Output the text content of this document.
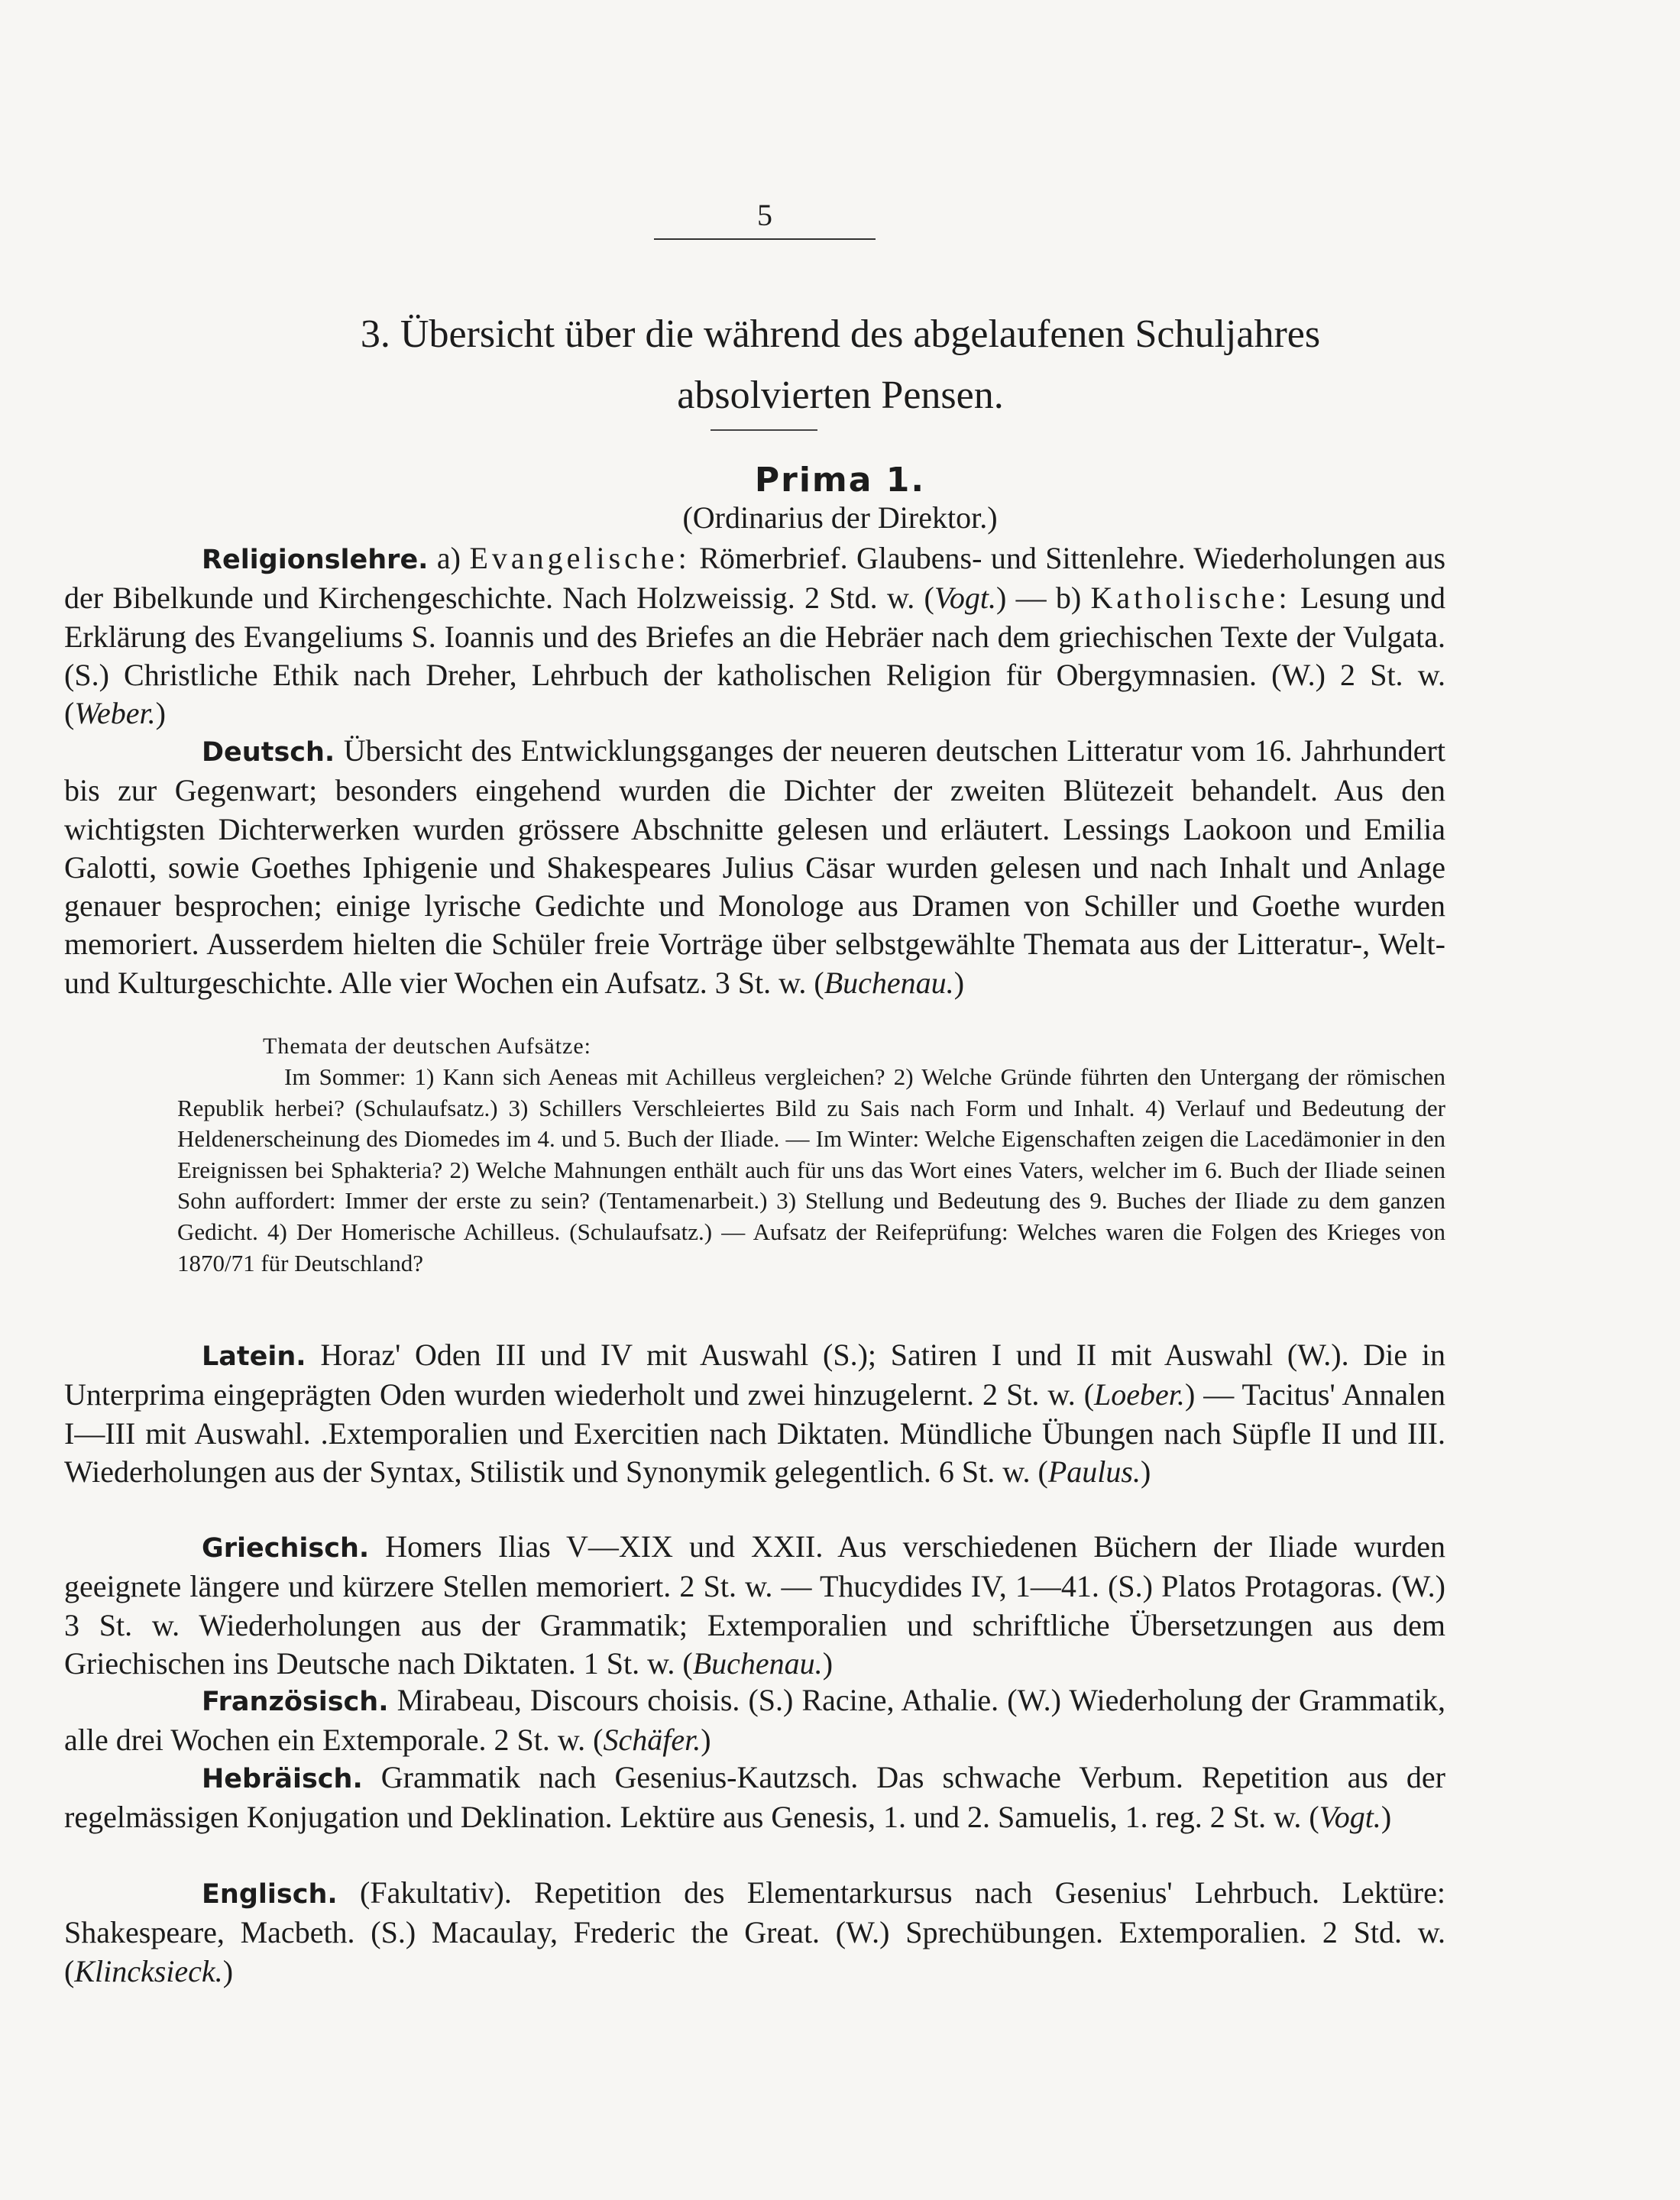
5
3. Übersicht über die während des abgelaufenen Schuljahres
absolvierten Pensen.
Prima 1.
(Ordinarius der Direktor.)

Religionslehre. a) Evangelische: Römerbrief. Glaubens- und Sittenlehre. Wiederholungen aus der Bibelkunde und Kirchengeschichte. Nach Holzweissig. 2 Std. w. (Vogt.) — b) Katholische: Lesung und Erklärung des Evangeliums S. Ioannis und des Briefes an die Hebräer nach dem griechischen Texte der Vulgata. (S.) Christliche Ethik nach Dreher, Lehrbuch der katholischen Religion für Obergymnasien. (W.) 2 St. w. (Weber.)

Deutsch. Übersicht des Entwicklungsganges der neueren deutschen Litteratur vom 16. Jahrhundert bis zur Gegenwart; besonders eingehend wurden die Dichter der zweiten Blütezeit behandelt. Aus den wichtigsten Dichterwerken wurden grössere Abschnitte gelesen und erläutert. Lessings Laokoon und Emilia Galotti, sowie Goethes Iphigenie und Shakespeares Julius Cäsar wurden gelesen und nach Inhalt und Anlage genauer besprochen; einige lyrische Gedichte und Monologe aus Dramen von Schiller und Goethe wurden memoriert. Ausserdem hielten die Schüler freie Vorträge über selbstgewählte Themata aus der Litteratur-, Welt- und Kulturgeschichte. Alle vier Wochen ein Aufsatz. 3 St. w. (Buchenau.)

Themata der deutschen Aufsätze:

Im Sommer: 1) Kann sich Aeneas mit Achilleus vergleichen? 2) Welche Gründe führten den Untergang der römischen Republik herbei? (Schulaufsatz.) 3) Schillers Verschleiertes Bild zu Sais nach Form und Inhalt. 4) Verlauf und Bedeutung der Heldenerscheinung des Diomedes im 4. und 5. Buch der Iliade. — Im Winter: Welche Eigenschaften zeigen die Lacedämonier in den Ereignissen bei Sphakteria? 2) Welche Mahnungen enthält auch für uns das Wort eines Vaters, welcher im 6. Buch der Iliade seinen Sohn auffordert: Immer der erste zu sein? (Tentamenarbeit.) 3) Stellung und Bedeutung des 9. Buches der Iliade zu dem ganzen Gedicht. 4) Der Homerische Achilleus. (Schulaufsatz.) — Aufsatz der Reifeprüfung: Welches waren die Folgen des Krieges von 1870/71 für Deutschland?

Latein. Horaz' Oden III und IV mit Auswahl (S.); Satiren I und II mit Auswahl (W.). Die in Unterprima eingeprägten Oden wurden wiederholt und zwei hinzugelernt. 2 St. w. (Loeber.) — Tacitus' Annalen I—III mit Auswahl. .Extemporalien und Exercitien nach Diktaten. Mündliche Übungen nach Süpfle II und III. Wiederholungen aus der Syntax, Stilistik und Synonymik gelegentlich. 6 St. w. (Paulus.)

Griechisch. Homers Ilias V—XIX und XXII. Aus verschiedenen Büchern der Iliade wurden geeignete längere und kürzere Stellen memoriert. 2 St. w. — Thucydides IV, 1—41. (S.) Platos Protagoras. (W.) 3 St. w. Wiederholungen aus der Grammatik; Extemporalien und schriftliche Übersetzungen aus dem Griechischen ins Deutsche nach Diktaten. 1 St. w. (Buchenau.)

Französisch. Mirabeau, Discours choisis. (S.) Racine, Athalie. (W.) Wiederholung der Grammatik, alle drei Wochen ein Extemporale. 2 St. w. (Schäfer.)

Hebräisch. Grammatik nach Gesenius-Kautzsch. Das schwache Verbum. Repetition aus der regelmässigen Konjugation und Deklination. Lektüre aus Genesis, 1. und 2. Samuelis, 1. reg. 2 St. w. (Vogt.)

Englisch. (Fakultativ). Repetition des Elementarkursus nach Gesenius' Lehrbuch. Lektüre: Shakespeare, Macbeth. (S.) Macaulay, Frederic the Great. (W.) Sprechübungen. Extemporalien. 2 Std. w. (Klincksieck.)
